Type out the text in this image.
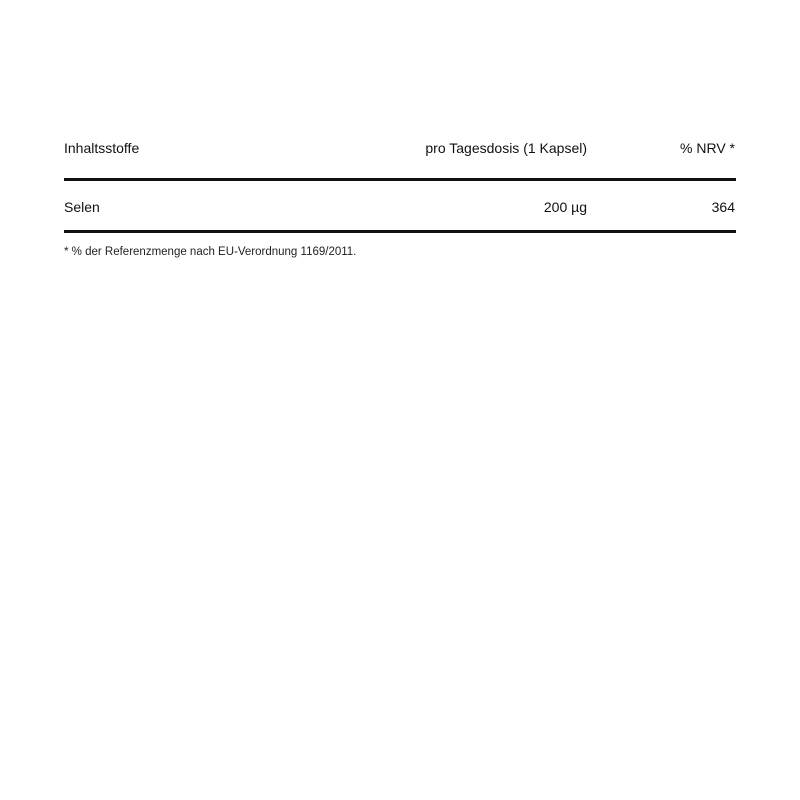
Inhaltsstoffe	pro Tagesdosis (1 Kapsel)	% NRV *
Selen	200 µg	364
* % der Referenzmenge nach EU-Verordnung 1169/2011.
